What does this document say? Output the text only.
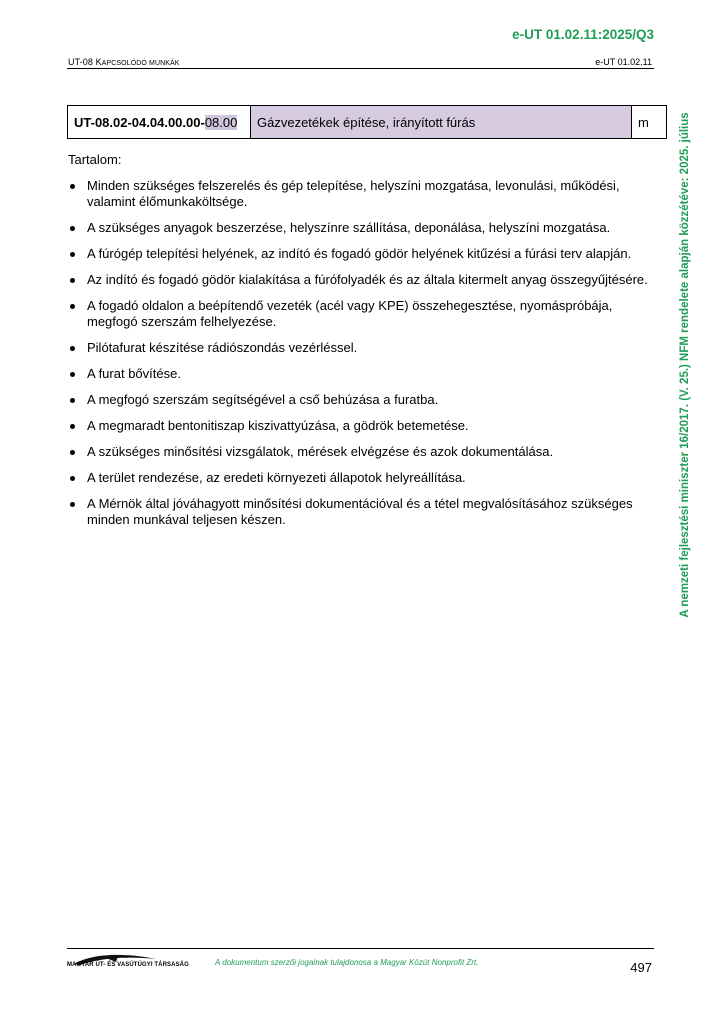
e-UT 01.02.11:2025/Q3
UT-08 KAPCSOLÓDÓ MUNKÁK	e-UT 01.02.11
UT-08.02-04.04.00.00-08.00	Gázvezetékek építése, irányított fúrás	m

Tartalom:

Minden szükséges felszerelés és gép telepítése, helyszíni mozgatása, levonulási, működési, valamint élőmunkaköltsége.
A szükséges anyagok beszerzése, helyszínre szállítása, deponálása, helyszíni mozgatása.
A fúrógép telepítési helyének, az indító és fogadó gödör helyének kitűzési a fúrási terv alapján.
Az indító és fogadó gödör kialakítása a fúrófolyadék és az általa kitermelt anyag összegyűjtésére.
A fogadó oldalon a beépítendő vezeték (acél vagy KPE) összehegesztése, nyomáspróbája, megfogó szerszám felhelyezése.
Pilótafurat készítése rádiószondás vezérléssel.
A furat bővítése.
A megfogó szerszám segítségével a cső behúzása a furatba.
A megmaradt bentonitiszap kiszivattyúzása, a gödrök betemetése.
A szükséges minősítési vizsgálatok, mérések elvégzése és azok dokumentálása.
A terület rendezése, az eredeti környezeti állapotok helyreállítása.
A Mérnök által jóváhagyott minősítési dokumentációval és a tétel megvalósításához szükséges minden munkával teljesen készen.	A nemzeti fejlesztési miniszter 16/2017. (V. 25.) NFM rendelete alapján közzétéve: 2025. július
MAGYAR ÚT- ÉS VASÚTÜGYI TÁRSASÁG	A dokumentum szerzői jogainak tulajdonosa a Magyar Közút Nonprofit Zrt.	497
